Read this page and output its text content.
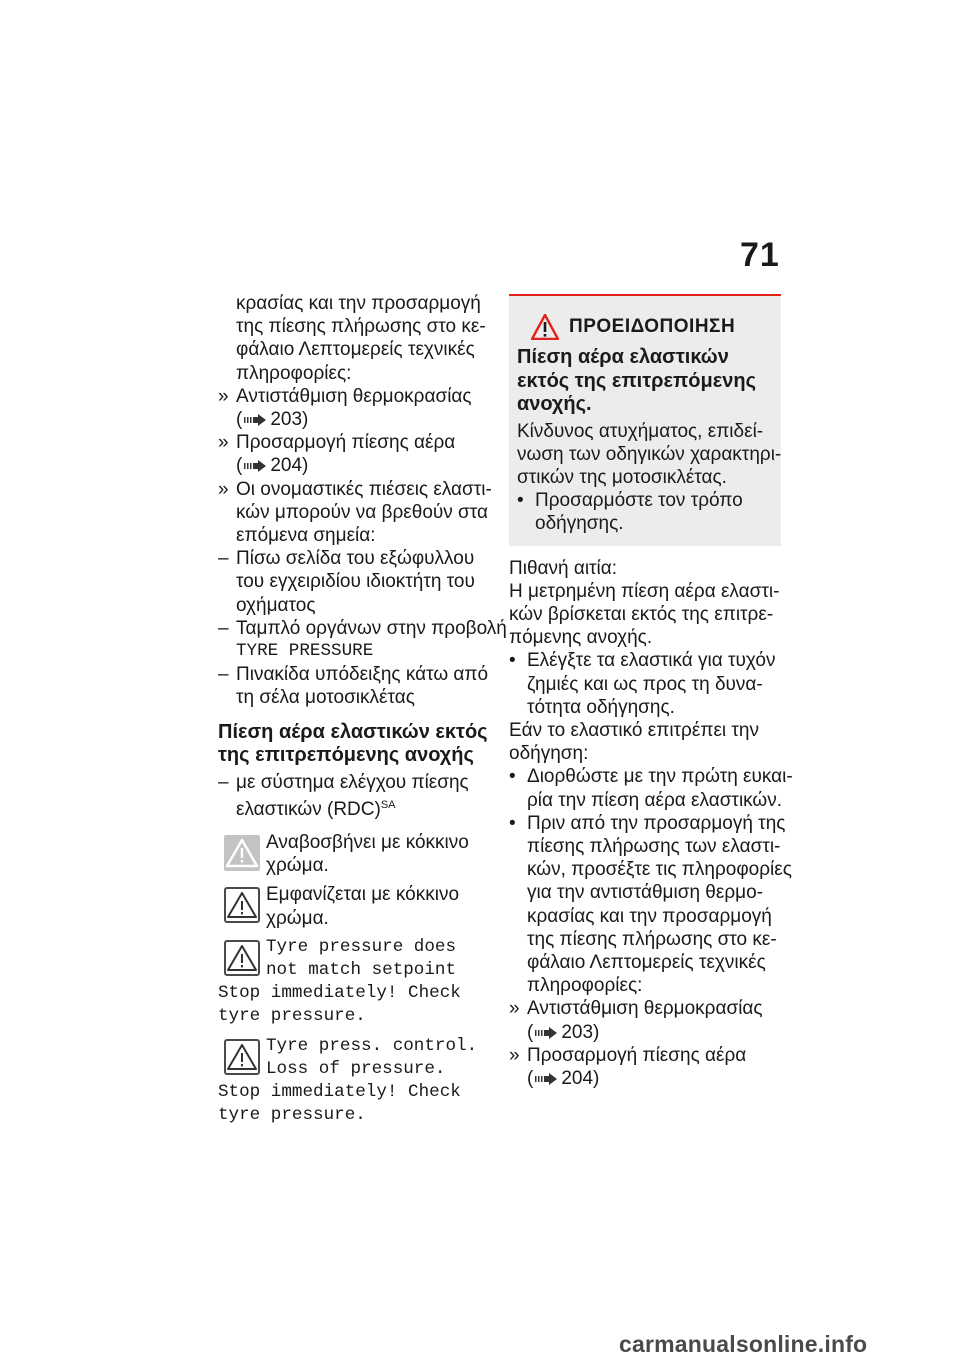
71
κρασίας και την προσαρμογή
της πίεσης πλήρωσης στο κε-
φάλαιο Λεπτομερείς τεχνικές
πληροφορίες:
» Αντιστάθμιση θερμοκρασίας
( 203)
» Προσαρμογή πίεσης αέρα
( 204)
» Οι ονομαστικές πιέσεις ελαστι-
κών μπορούν να βρεθούν στα
επόμενα σημεία:
– Πίσω σελίδα του εξώφυλλου
του εγχειριδίου ιδιοκτήτη του
οχήματος
– Ταμπλό οργάνων στην προβολή
TYRE PRESSURE
– Πινακίδα υπόδειξης κάτω από
τη σέλα μοτοσικλέτας
Πίεση αέρα ελαστικών εκτός
της επιτρεπόμενης ανοχής
– με σύστημα ελέγχου πίεσης
ελαστικών (RDC)$^{SA}$
Αναβοσβήνει με κόκκινο
χρώμα.
Εμφανίζεται με κόκκινο
χρώμα.
Tyre pressure does
not match setpoint
Stop immediately! Check
tyre pressure.
Tyre press. control.
Loss of pressure.
Stop immediately! Check
tyre pressure.
ΠΡΟΕΙΔΟΠΟΙΗΣΗ
Πίεση αέρα ελαστικών
εκτός της επιτρεπόμενης
ανοχής.
Κίνδυνος ατυχήματος, επιδεί-
νωση των οδηγικών χαρακτηρι-
στικών της μοτοσικλέτας.
• Προσαρμόστε τον τρόπο
οδήγησης.
Πιθανή αιτία:
Η μετρημένη πίεση αέρα ελαστι-
κών βρίσκεται εκτός της επιτρε-
πόμενης ανοχής.
• Ελέγξτε τα ελαστικά για τυχόν
ζημιές και ως προς τη δυνα-
τότητα οδήγησης.
Εάν το ελαστικό επιτρέπει την
οδήγηση:
• Διορθώστε με την πρώτη ευκαι-
ρία την πίεση αέρα ελαστικών.
• Πριν από την προσαρμογή της
πίεσης πλήρωσης των ελαστι-
κών, προσέξτε τις πληροφορίες
για την αντιστάθμιση θερμο-
κρασίας και την προσαρμογή
της πίεσης πλήρωσης στο κε-
φάλαιο Λεπτομερείς τεχνικές
πληροφορίες:
» Αντιστάθμιση θερμοκρασίας
( 203)
» Προσαρμογή πίεσης αέρα
( 204)
carmanualsonline.info
